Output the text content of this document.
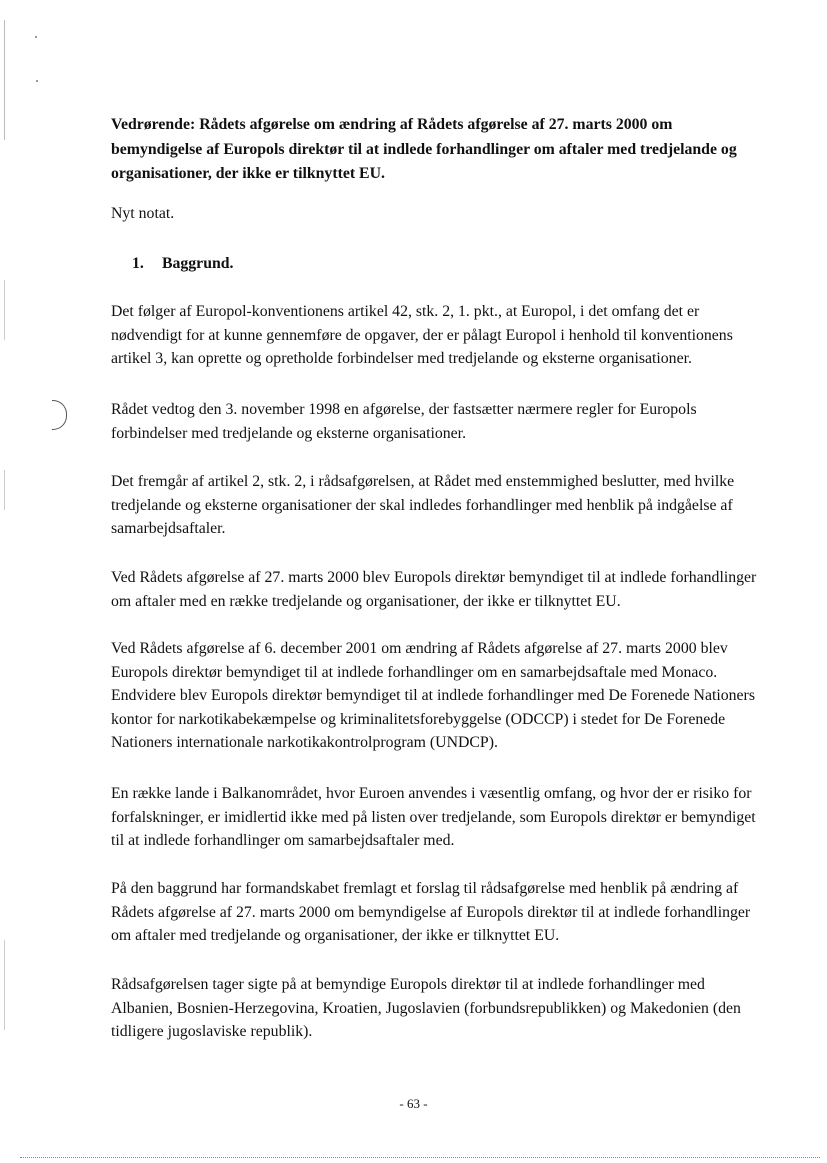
Vedrørende: Rådets afgørelse om ændring af Rådets afgørelse af 27. marts 2000 om bemyndigelse af Europols direktør til at indlede forhandlinger om aftaler med tredjelande og organisationer, der ikke er tilknyttet EU.

Nyt notat.

1. Baggrund.

Det følger af Europol-konventionens artikel 42, stk. 2, 1. pkt., at Europol, i det omfang det er nødvendigt for at kunne gennemføre de opgaver, der er pålagt Europol i henhold til konventionens artikel 3, kan oprette og opretholde forbindelser med tredjelande og eksterne organisationer.

Rådet vedtog den 3. november 1998 en afgørelse, der fastsætter nærmere regler for Europols forbindelser med tredjelande og eksterne organisationer.

Det fremgår af artikel 2, stk. 2, i rådsafgørelsen, at Rådet med enstemmighed beslutter, med hvilke tredjelande og eksterne organisationer der skal indledes forhandlinger med henblik på indgåelse af samarbejdsaftaler.

Ved Rådets afgørelse af 27. marts 2000 blev Europols direktør bemyndiget til at indlede forhandlinger om aftaler med en række tredjelande og organisationer, der ikke er tilknyttet EU.

Ved Rådets afgørelse af 6. december 2001 om ændring af Rådets afgørelse af 27. marts 2000 blev Europols direktør bemyndiget til at indlede forhandlinger om en samarbejdsaftale med Monaco. Endvidere blev Europols direktør bemyndiget til at indlede forhandlinger med De Forenede Nationers kontor for narkotikabekæmpelse og kriminalitetsforebyggelse (ODCCP) i stedet for De Forenede Nationers internationale narkotikakontrolprogram (UNDCP).

En række lande i Balkanområdet, hvor Euroen anvendes i væsentlig omfang, og hvor der er risiko for forfalskninger, er imidlertid ikke med på listen over tredjelande, som Europols direktør er bemyndiget til at indlede forhandlinger om samarbejdsaftaler med.

På den baggrund har formandskabet fremlagt et forslag til rådsafgørelse med henblik på ændring af Rådets afgørelse af 27. marts 2000 om bemyndigelse af Europols direktør til at indlede forhandlinger om aftaler med tredjelande og organisationer, der ikke er tilknyttet EU.

Rådsafgørelsen tager sigte på at bemyndige Europols direktør til at indlede forhandlinger med Albanien, Bosnien-Herzegovina, Kroatien, Jugoslavien (forbundsrepublikken) og Makedonien (den tidligere jugoslaviske republik).

- 63 -
